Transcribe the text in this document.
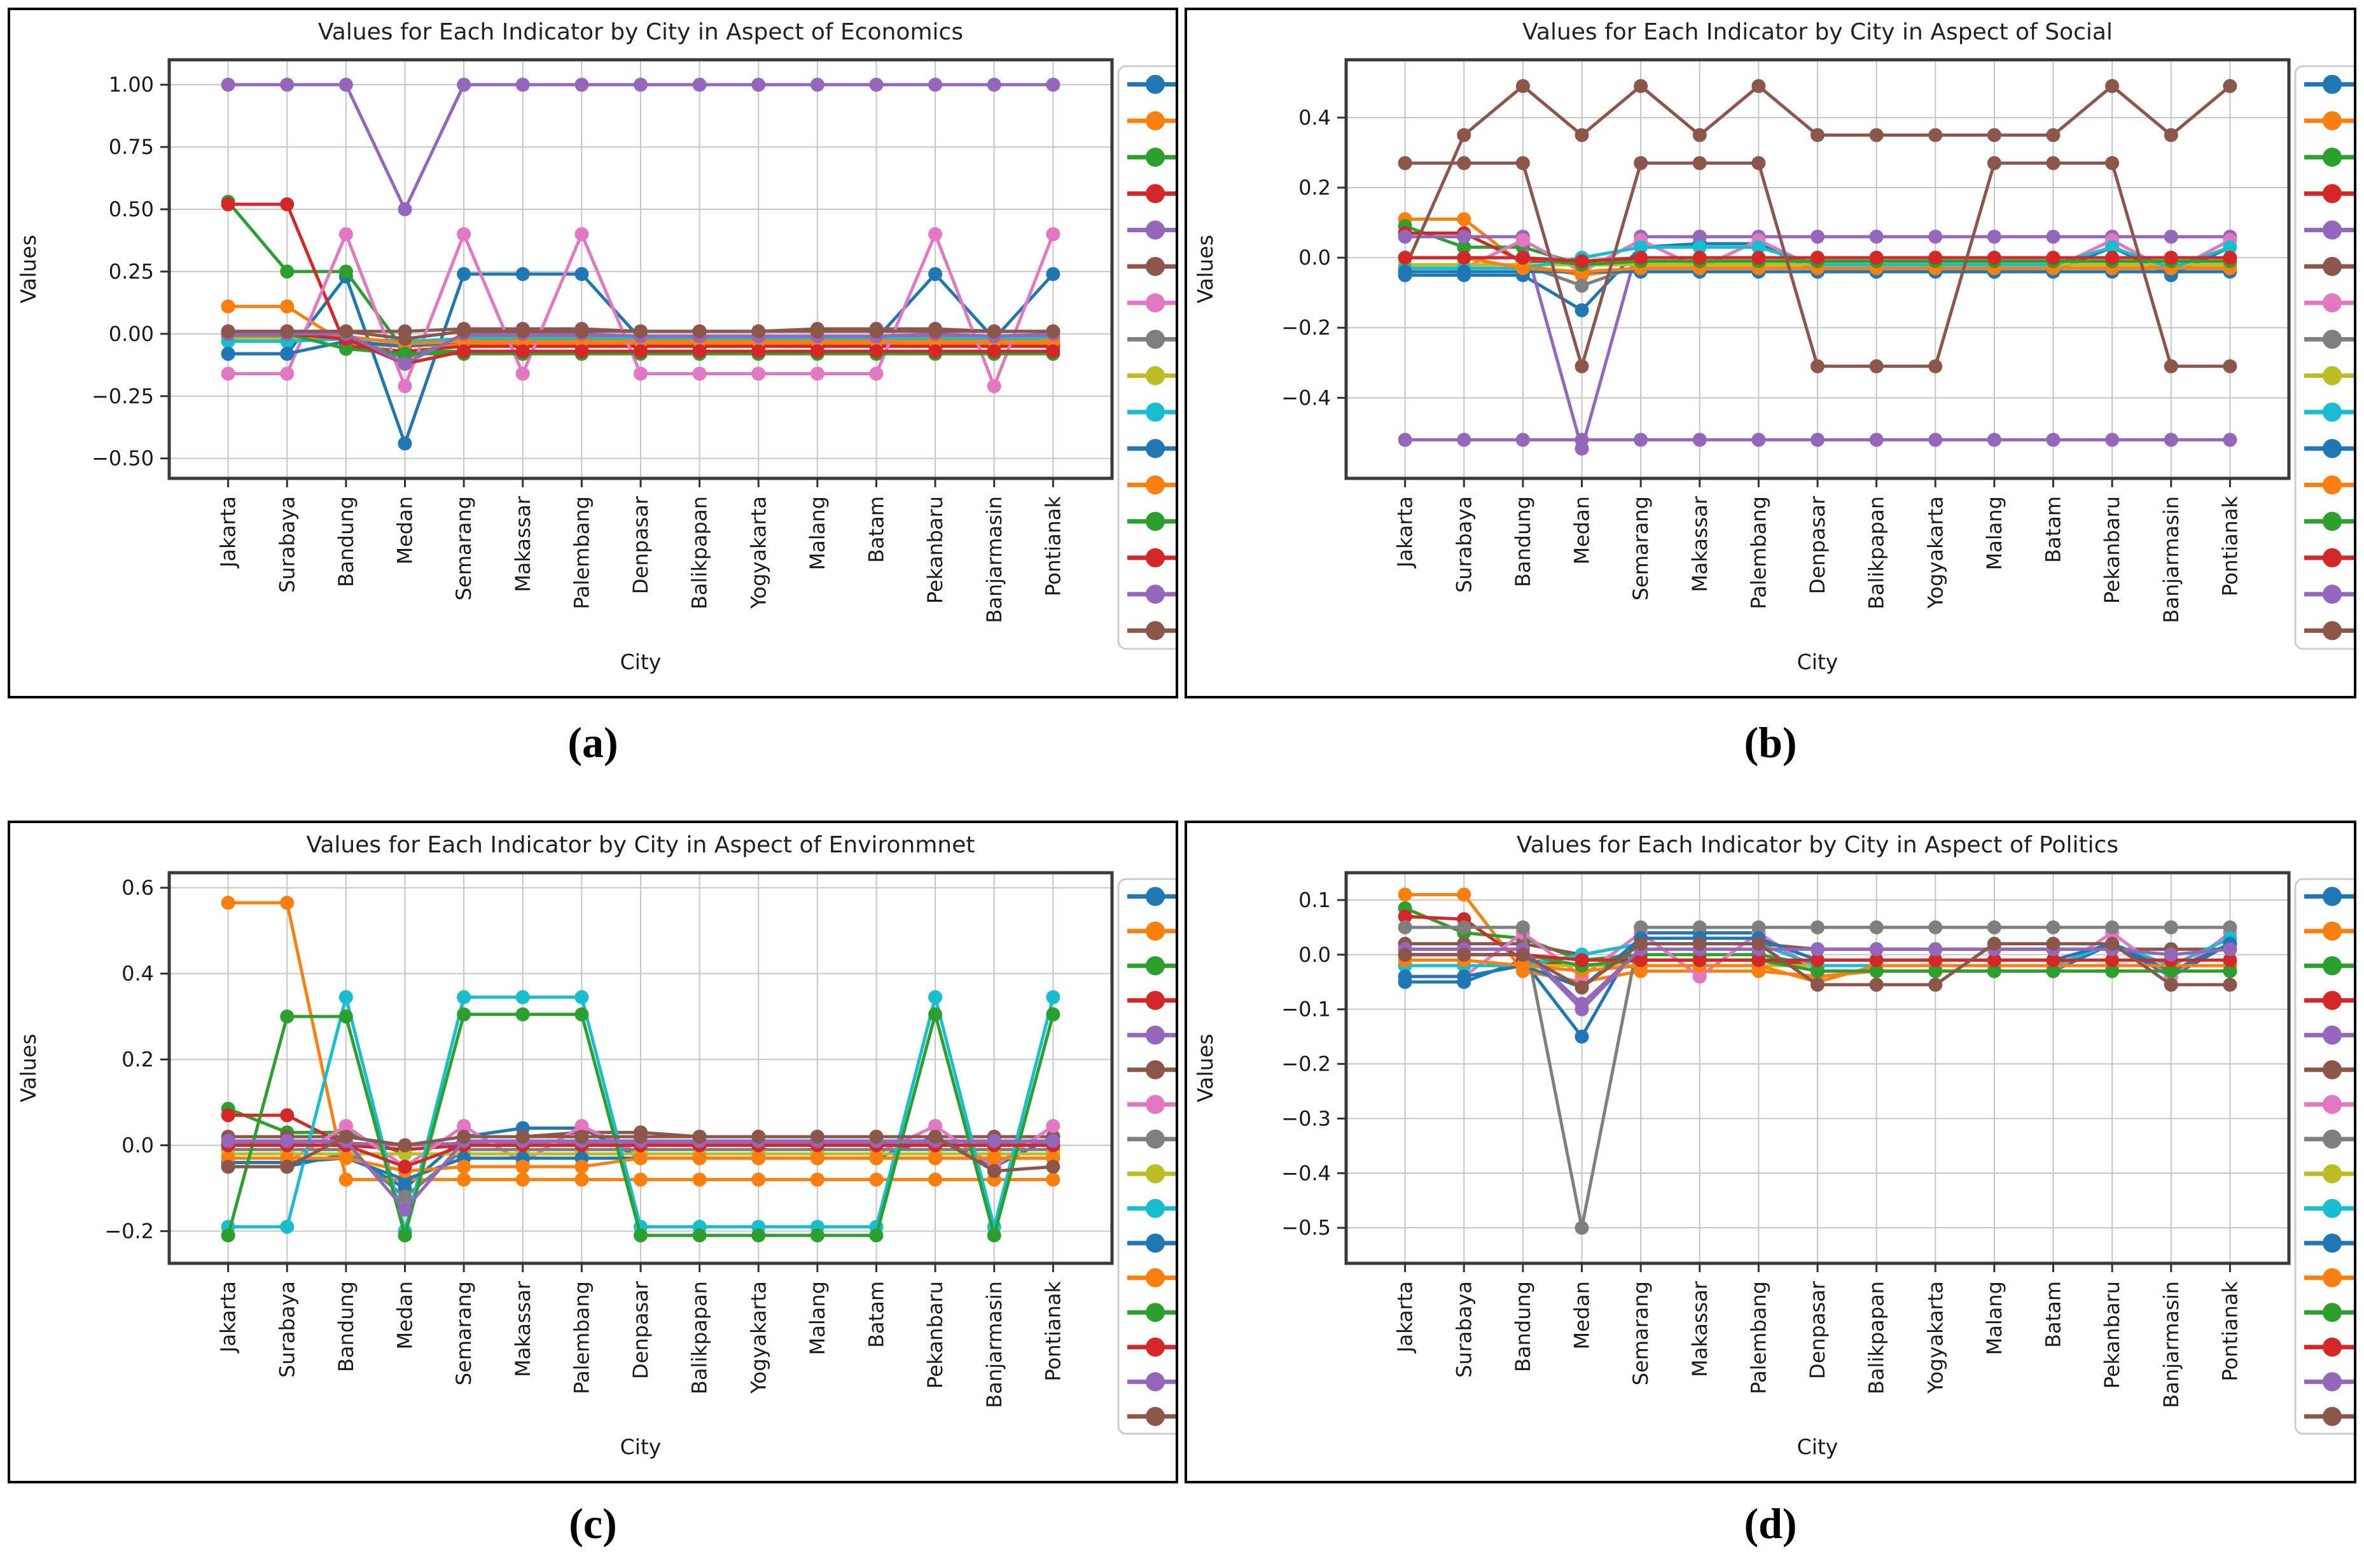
Values for Each Indicator by City in Aspect of Economics
1.00
0.75
0.50
0.25
0.00
−0.25
−0.50
Jakarta Surabaya Bandung Medan Semarang Makassar Palembang Denpasar Balikpapan Yogyakarta Malang Batam Pekanbaru Banjarmasin Pontianak
City
Values
Values for Each Indicator by City in Aspect of Social
0.4
0.2
0.0
−0.2
−0.4
Jakarta Surabaya Bandung Medan Semarang Makassar Palembang Denpasar Balikpapan Yogyakarta Malang Batam Pekanbaru Banjarmasin Pontianak
City
Values
Values for Each Indicator by City in Aspect of Environmnet
0.6
0.4
0.2
0.0
−0.2
Jakarta Surabaya Bandung Medan Semarang Makassar Palembang Denpasar Balikpapan Yogyakarta Malang Batam Pekanbaru Banjarmasin Pontianak
City
Values
Values for Each Indicator by City in Aspect of Politics
0.1
0.0
−0.1
−0.2
−0.3
−0.4
−0.5
Jakarta Surabaya Bandung Medan Semarang Makassar Palembang Denpasar Balikpapan Yogyakarta Malang Batam Pekanbaru Banjarmasin Pontianak
City
Values
(a)	(b)
(c)	(d)
